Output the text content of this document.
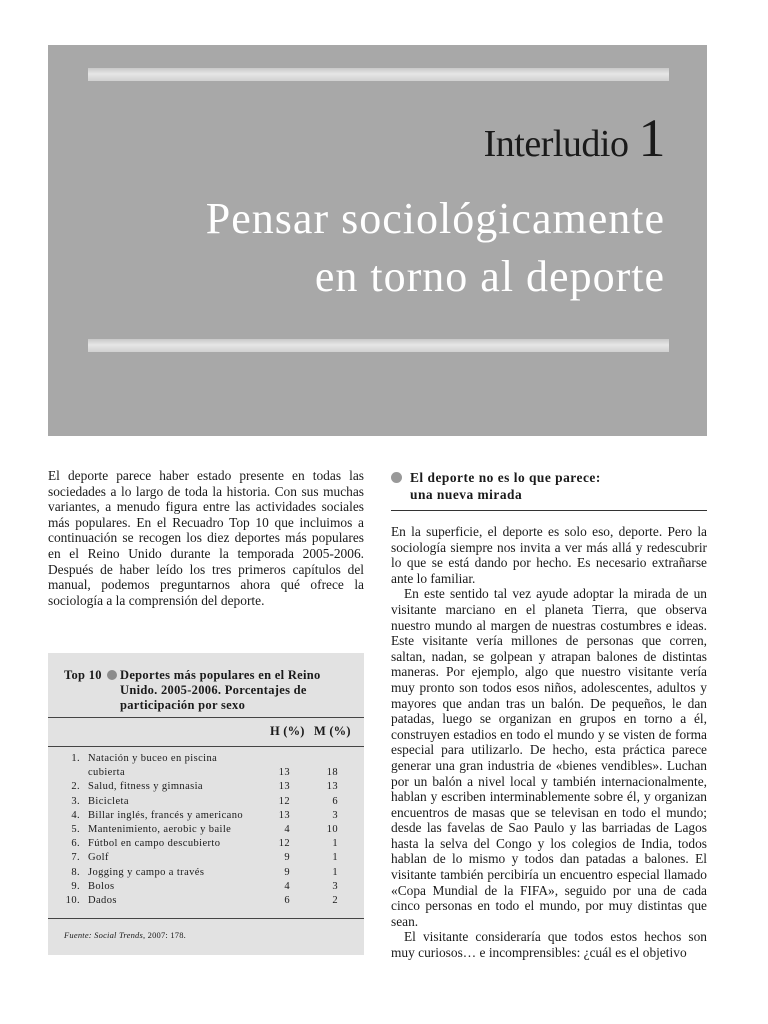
Interludio 1
Pensar sociológicamente
en torno al deporte

El deporte parece haber estado presente en todas las sociedades a lo largo de toda la historia. Con sus muchas variantes, a menudo figura entre las actividades sociales más populares. En el Recuadro Top 10 que incluimos a continuación se recogen los diez deportes más populares en el Reino Unido durante la temporada 2005-2006. Después de haber leído los tres primeros capítulos del manual, podemos preguntarnos ahora qué ofrece la sociología a la comprensión del deporte.

Top 10 Deportes más populares en el Reino Unido. 2005-2006. Porcentajes de participación por sexo
H (%) M (%)
1. Natación y buceo en piscina
cubierta	13	18
2. Salud, fitness y gimnasia	13	13
3. Bicicleta	12	6
4. Billar inglés, francés y americano	13	3
5. Mantenimiento, aerobic y baile	4	10
6. Fútbol en campo descubierto	12	1
7. Golf	9	1
8. Jogging y campo a través	9	1
9. Bolos	4	3
10. Dados	6	2
Fuente: Social Trends, 2007: 178.
El deporte no es lo que parece:
una nueva mirada

En la superficie, el deporte es solo eso, deporte. Pero la sociología siempre nos invita a ver más allá y redescubrir lo que se está dando por hecho. Es necesario extrañarse ante lo familiar.

En este sentido tal vez ayude adoptar la mirada de un visitante marciano en el planeta Tierra, que observa nuestro mundo al margen de nuestras costumbres e ideas. Este visitante vería millones de personas que corren, saltan, nadan, se golpean y atrapan balones de distintas maneras. Por ejemplo, algo que nuestro visitante vería muy pronto son todos esos niños, adolescentes, adultos y mayores que andan tras un balón. De pequeños, le dan patadas, luego se organizan en grupos en torno a él, construyen estadios en todo el mundo y se visten de forma especial para utilizarlo. De hecho, esta práctica parece generar una gran industria de «bienes vendibles». Luchan por un balón a nivel local y también internacionalmente, hablan y escriben interminablemente sobre él, y organizan encuentros de masas que se televisan en todo el mundo; desde las favelas de Sao Paulo y las barriadas de Lagos hasta la selva del Congo y los colegios de India, todos hablan de lo mismo y todos dan patadas a balones. El visitante también percibiría un encuentro especial llamado «Copa Mundial de la FIFA», seguido por una de cada cinco personas en todo el mundo, por muy distintas que sean.

El visitante consideraría que todos estos hechos son muy curiosos… e incomprensibles: ¿cuál es el objetivo
